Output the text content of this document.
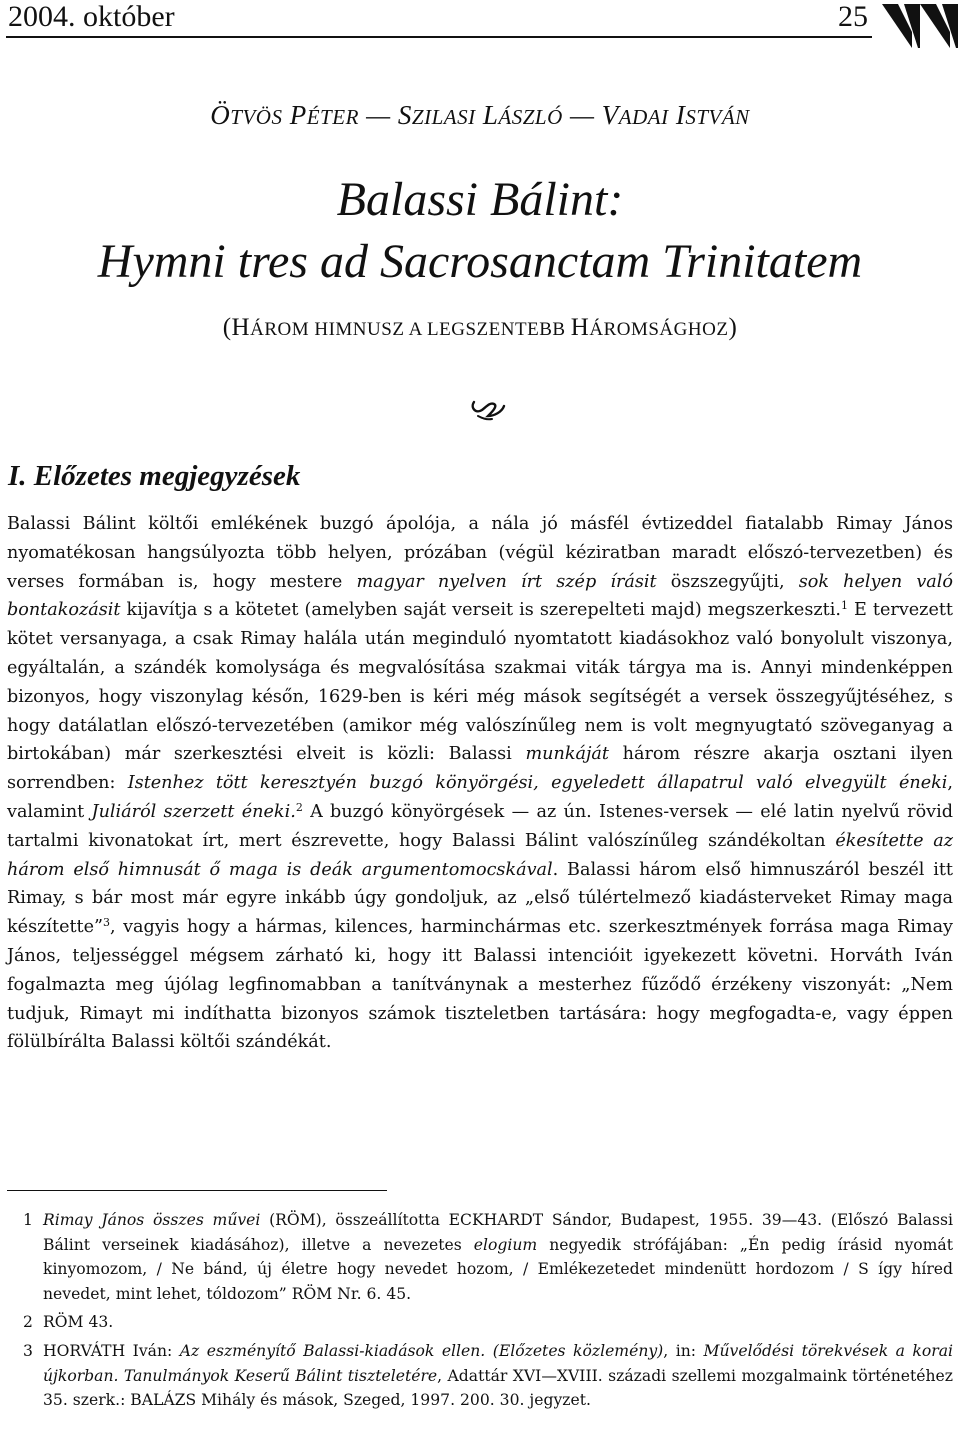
2004. október	25
ÖTVÖS PÉTER — SZILASI LÁSZLÓ — VADAI ISTVÁN
Balassi Bálint:
Hymni tres ad Sacrosanctam Trinitatem
(HÁROM HIMNUSZ A LEGSZENTEBB HÁROMSÁGHOZ)
I. Előzetes megjegyzések
Balassi Bálint költői emlékének buzgó ápolója, a nála jó másfél évtizeddel fiatalabb Rimay János nyomatékosan hangsúlyozta több helyen, prózában (végül kéziratban maradt előszó-tervezetben) és verses formában is, hogy mestere magyar nyelven írt szép írásit öszszegyűjti, sok helyen való bontakozásit kijavítja s a kötetet (amelyben saját verseit is szerepelteti majd) megszerkeszti.$^1$ E tervezett kötet versanyaga, a csak Rimay halála után meginduló nyomtatott kiadásokhoz való bonyolult viszonya, egyáltalán, a szándék komolysága és megvalósítása szakmai viták tárgya ma is. Annyi mindenképpen bizonyos, hogy viszonylag későn, 1629-ben is kéri még mások segítségét a versek összegyűjtéséhez, s hogy datálatlan előszó-tervezetében (amikor még valószínűleg nem is volt megnyugtató szöveganyag a birtokában) már szerkesztési elveit is közli: Balassi munkáját három részre akarja osztani ilyen sorrendben: Istenhez tött keresztyén buzgó könyörgési, egyeledett állapatrul való elvegyült éneki, valamint Juliáról szerzett éneki.$^2$ A buzgó könyörgések — az ún. Istenes-versek — elé latin nyelvű rövid tartalmi kivonatokat írt, mert észrevette, hogy Balassi Bálint valószínűleg szándékoltan ékesítette az három első himnusát ő maga is deák argumentomocskával. Balassi három első himnuszáról beszél itt Rimay, s bár most már egyre inkább úgy gondoljuk, az „első túlértelmező kiadásterveket Rimay maga készítette”$^3$, vagyis hogy a hármas, kilences, harminchármas etc. szerkesztmények forrása maga Rimay János, teljességgel mégsem zárható ki, hogy itt Balassi intencióit igyekezett követni. Horváth Iván fogalmazta meg újólag legfinomabban a tanítványnak a mesterhez fűződő érzékeny viszonyát: „Nem tudjuk, Rimayt mi indíthatta bizonyos számok tiszteletben tartására: hogy megfogadta-e, vagy éppen fölülbírálta Balassi költői szándékát.
1 Rimay János összes művei (RÖM), összeállította ECKHARDT Sándor, Budapest, 1955. 39—43. (Előszó Balassi Bálint verseinek kiadásához), illetve a nevezetes elogium negyedik strófájában: „Én pedig írásid nyomát kinyomozom, / Ne bánd, új életre hogy nevedet hozom, / Emlékezetedet mindenütt hordozom / S így híred nevedet, mint lehet, tóldozom” RÖM Nr. 6. 45.
2 RÖM 43.
3 HORVÁTH Iván: Az eszményítő Balassi-kiadások ellen. (Előzetes közlemény), in: Művelődési törekvések a korai újkorban. Tanulmányok Keserű Bálint tiszteletére, Adattár XVI—XVIII. századi szellemi mozgalmaink történetéhez 35. szerk.: BALÁZS Mihály és mások, Szeged, 1997. 200. 30. jegyzet.
